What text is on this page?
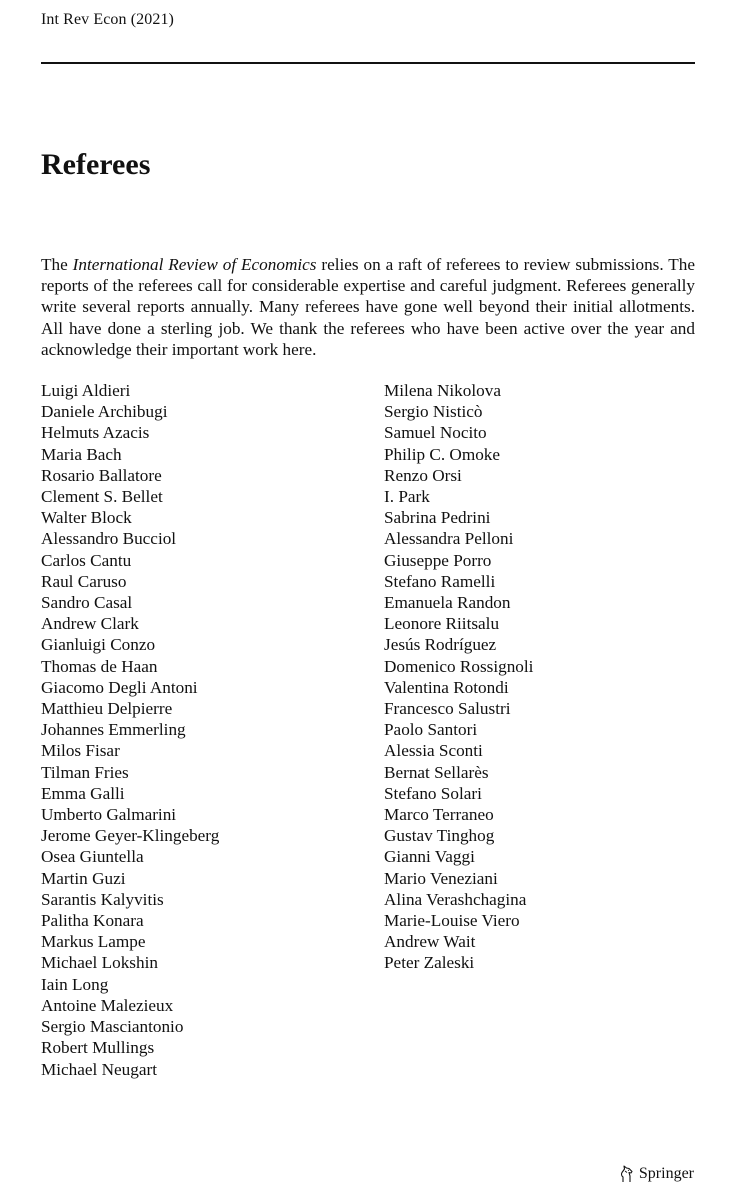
Int Rev Econ (2021)
Referees

The International Review of Economics relies on a raft of referees to review submissions. The reports of the referees call for considerable expertise and careful judgment. Referees generally write several reports annually. Many referees have gone well beyond their initial allotments. All have done a sterling job. We thank the referees who have been active over the year and acknowledge their important work here.

Luigi Aldieri
Daniele Archibugi
Helmuts Azacis
Maria Bach
Rosario Ballatore
Clement S. Bellet
Walter Block
Alessandro Bucciol
Carlos Cantu
Raul Caruso
Sandro Casal
Andrew Clark
Gianluigi Conzo
Thomas de Haan
Giacomo Degli Antoni
Matthieu Delpierre
Johannes Emmerling
Milos Fisar
Tilman Fries
Emma Galli
Umberto Galmarini
Jerome Geyer-Klingeberg
Osea Giuntella
Martin Guzi
Sarantis Kalyvitis
Palitha Konara
Markus Lampe
Michael Lokshin
Iain Long
Antoine Malezieux
Sergio Masciantonio
Robert Mullings
Michael Neugart
Milena Nikolova
Sergio Nisticò
Samuel Nocito
Philip C. Omoke
Renzo Orsi
I. Park
Sabrina Pedrini
Alessandra Pelloni
Giuseppe Porro
Stefano Ramelli
Emanuela Randon
Leonore Riitsalu
Jesús Rodríguez
Domenico Rossignoli
Valentina Rotondi
Francesco Salustri
Paolo Santori
Alessia Sconti
Bernat Sellarès
Stefano Solari
Marco Terraneo
Gustav Tinghog
Gianni Vaggi
Mario Veneziani
Alina Verashchagina
Marie-Louise Viero
Andrew Wait
Peter Zaleski
Springer
